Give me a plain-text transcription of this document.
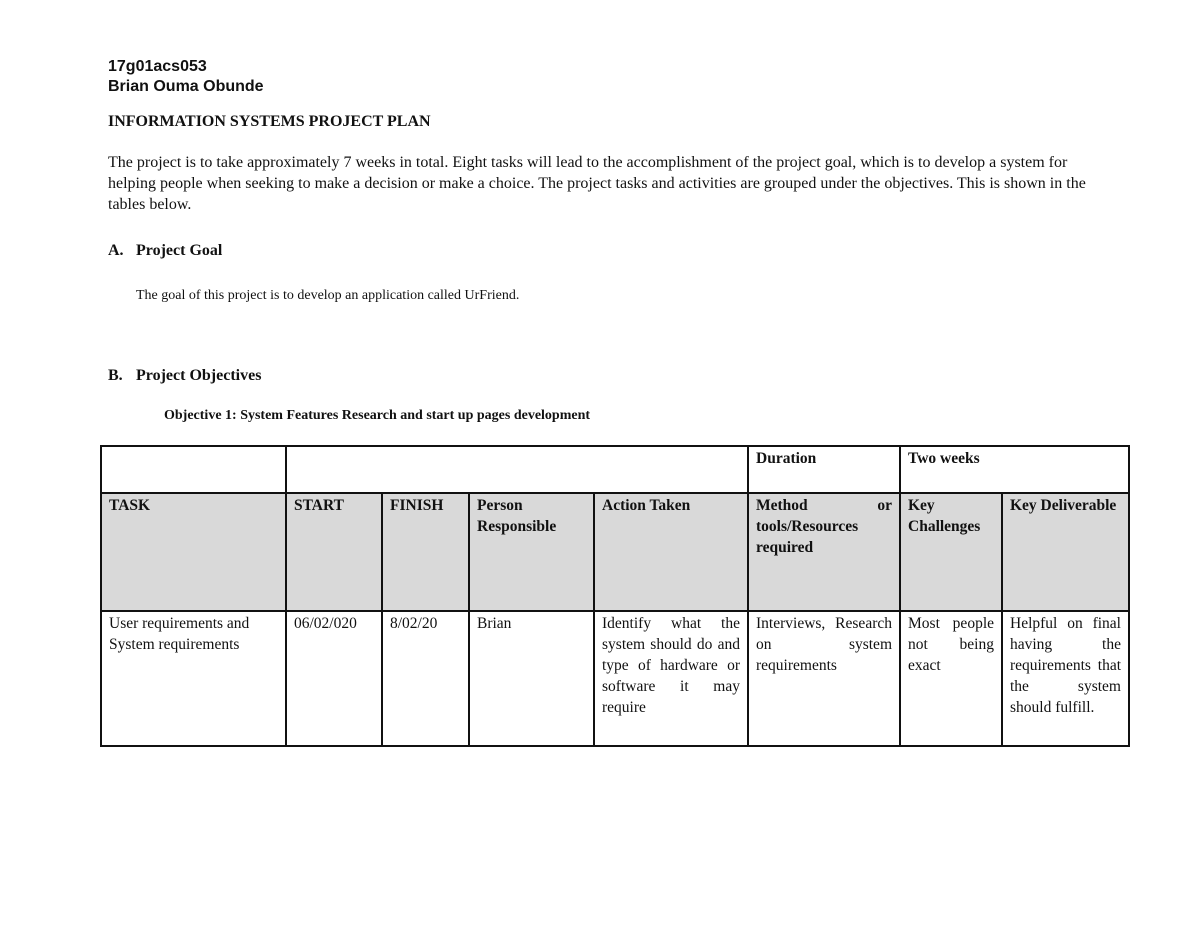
17g01acs053
Brian Ouma Obunde
INFORMATION SYSTEMS PROJECT PLAN
The project is to take approximately 7 weeks in total. Eight tasks will lead to the accomplishment of the project goal, which is to develop a system for helping people when seeking to make a decision or make a choice. The project tasks and activities are grouped under the objectives. This is shown in the tables below.
A. Project Goal
The goal of this project is to develop an application called UrFriend.
B. Project Objectives
Objective 1: System Features Research and start up pages development
					Duration	Two weeks	
TASK	START	FINISH	Person Responsible	Action Taken	Method or tools/Resources required	Key Challenges	Key Deliverable
User requirements and System requirements	06/02/020	8/02/20	Brian	Identify what the system should do and type of hardware or software it may require	Interviews, Research on system requirements	Most people not being exact	Helpful on final having the requirements that the system should fulfill.
